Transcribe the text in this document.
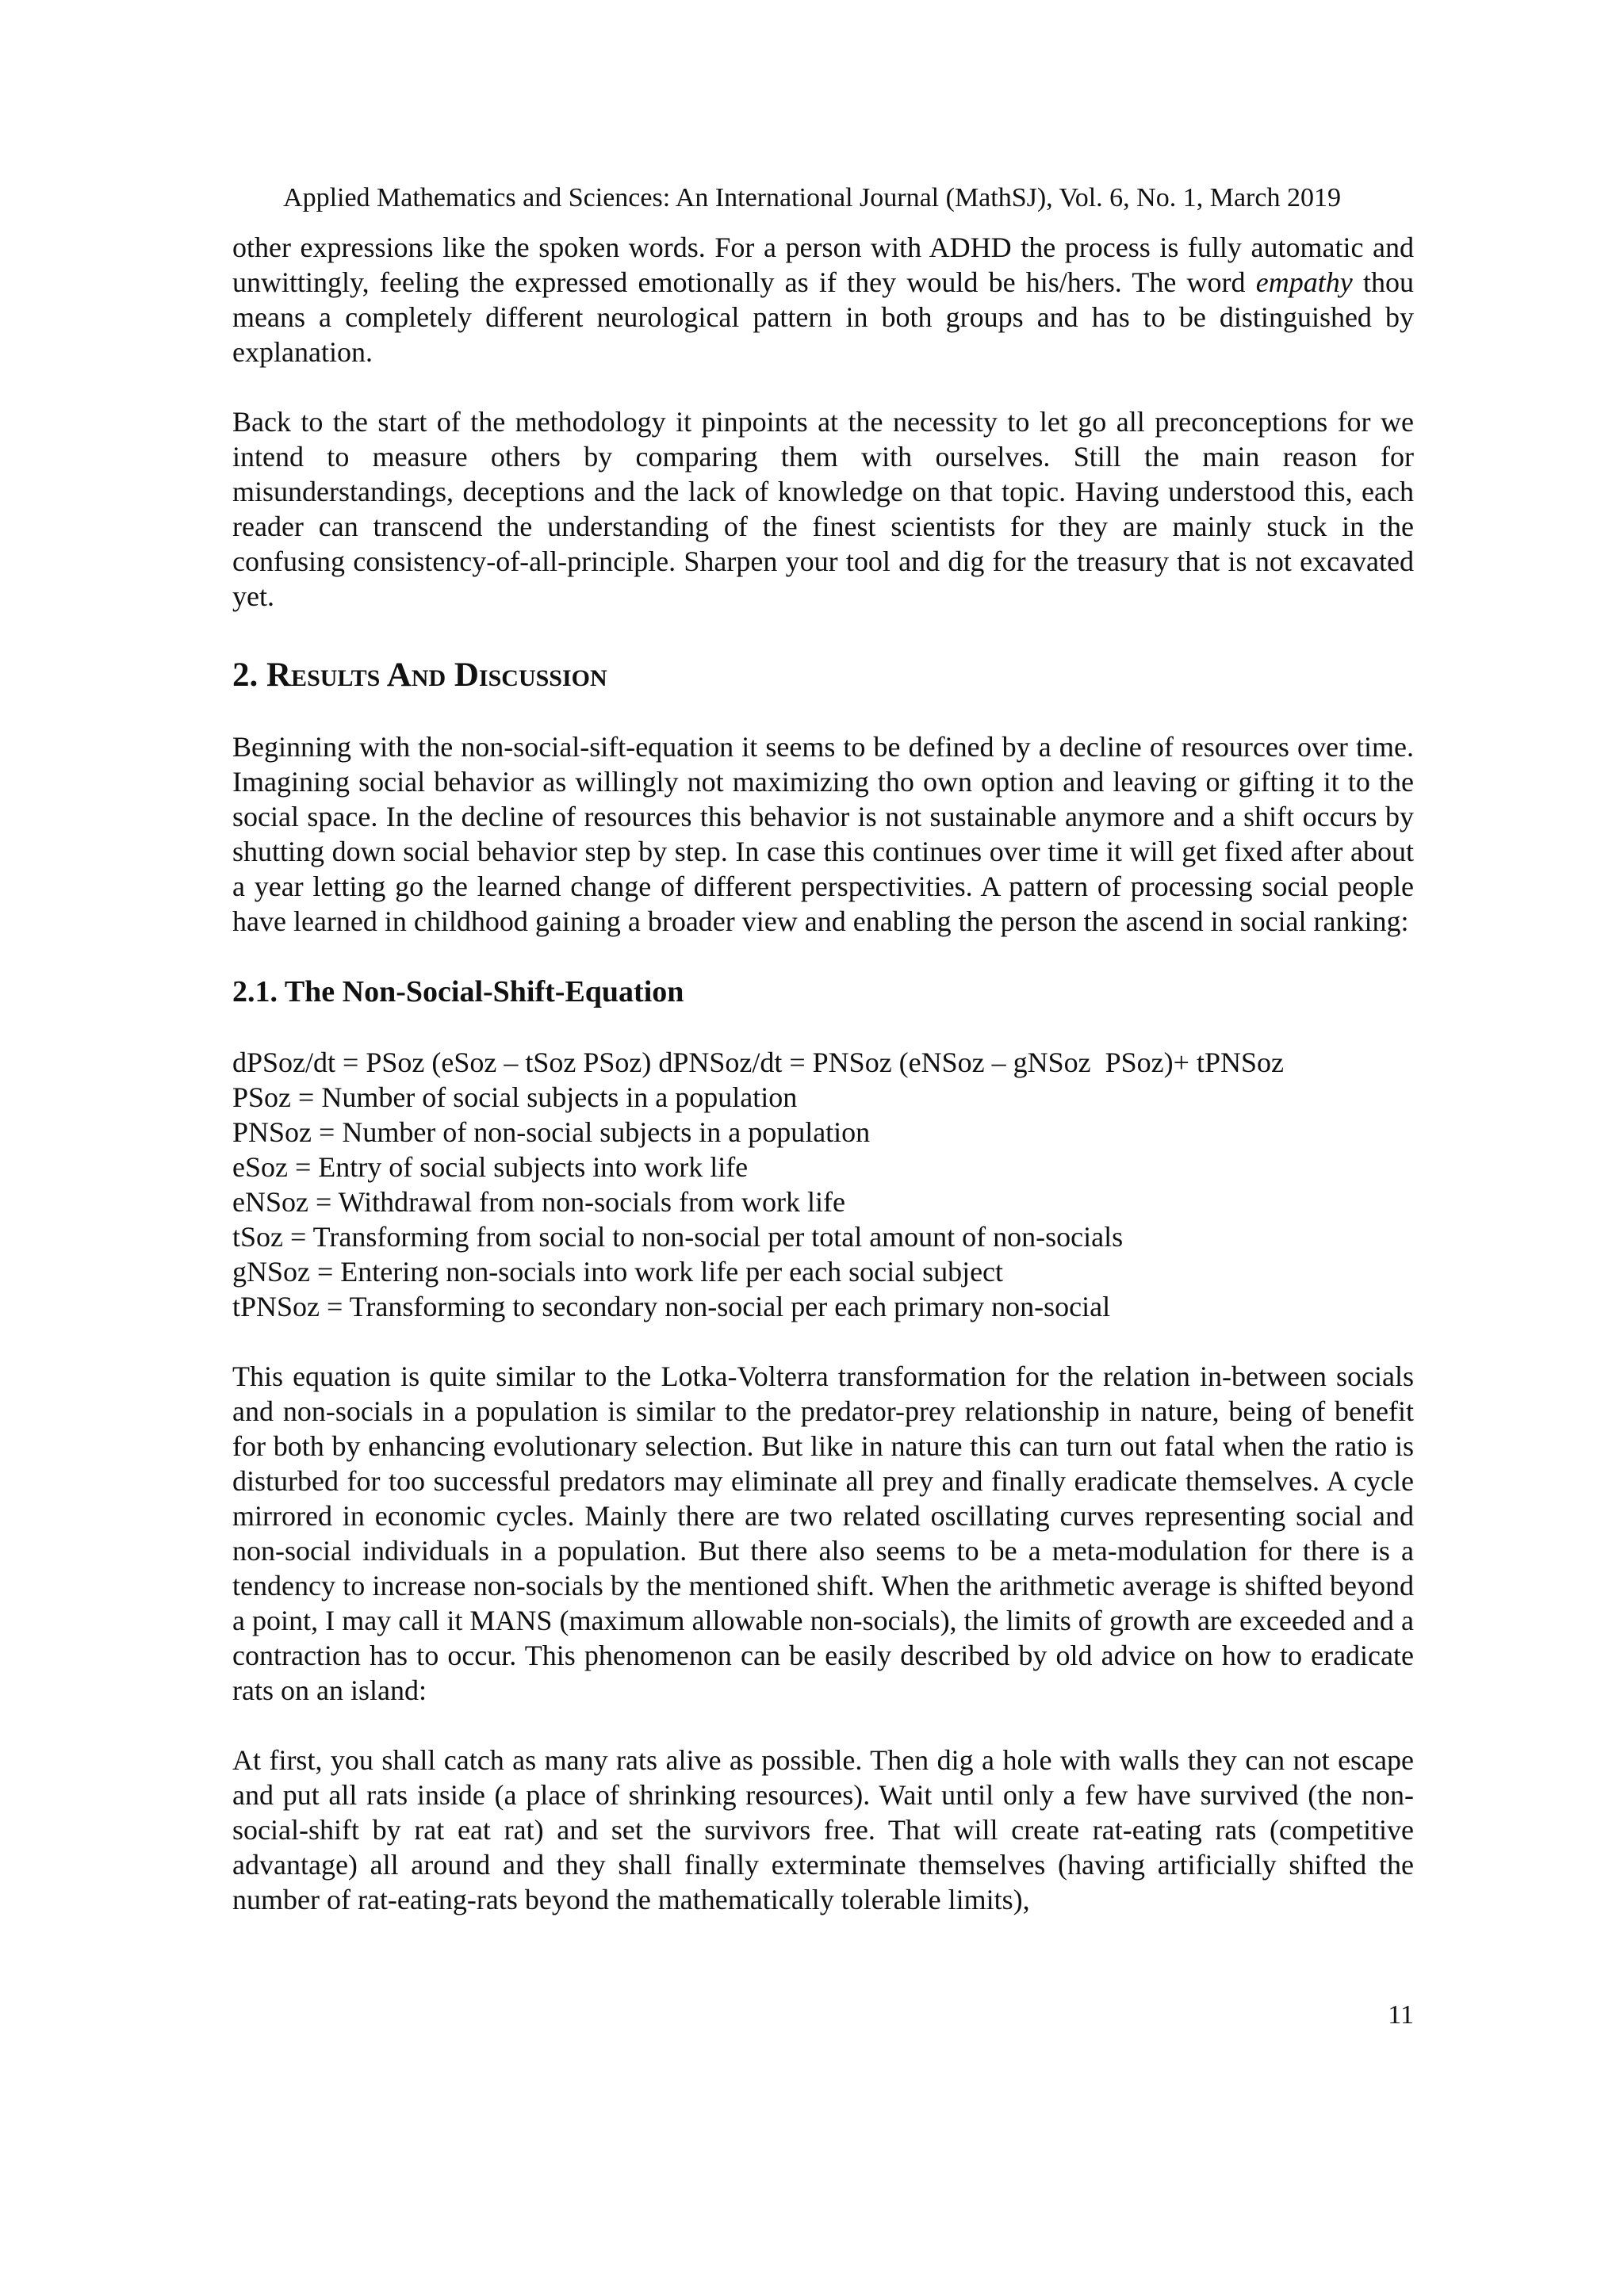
Applied Mathematics and Sciences: An International Journal (MathSJ), Vol. 6, No. 1, March 2019

other expressions like the spoken words. For a person with ADHD the process is fully automatic and unwittingly, feeling the expressed emotionally as if they would be his/hers. The word empathy thou means a completely different neurological pattern in both groups and has to be distinguished by explanation.

Back to the start of the methodology it pinpoints at the necessity to let go all preconceptions for we intend to measure others by comparing them with ourselves. Still the main reason for misunderstandings, deceptions and the lack of knowledge on that topic. Having understood this, each reader can transcend the understanding of the finest scientists for they are mainly stuck in the confusing consistency-of-all-principle. Sharpen your tool and dig for the treasury that is not excavated yet.

2. Results And Discussion

Beginning with the non-social-sift-equation it seems to be defined by a decline of resources over time. Imagining social behavior as willingly not maximizing tho own option and leaving or gifting it to the social space. In the decline of resources this behavior is not sustainable anymore and a shift occurs by shutting down social behavior step by step. In case this continues over time it will get fixed after about a year letting go the learned change of different perspectivities. A pattern of processing social people have learned in childhood gaining a broader view and enabling the person the ascend in social ranking:

2.1. The Non-Social-Shift-Equation
dPSoz/dt = PSoz (eSoz – tSoz PSoz) dPNSoz/dt = PNSoz (eNSoz – gNSoz  PSoz)+ tPNSoz
PSoz = Number of social subjects in a population
PNSoz = Number of non-social subjects in a population
eSoz = Entry of social subjects into work life
eNSoz = Withdrawal from non-socials from work life
tSoz = Transforming from social to non-social per total amount of non-socials
gNSoz = Entering non-socials into work life per each social subject
tPNSoz = Transforming to secondary non-social per each primary non-social

This equation is quite similar to the Lotka-Volterra transformation for the relation in-between socials and non-socials in a population is similar to the predator-prey relationship in nature, being of benefit for both by enhancing evolutionary selection. But like in nature this can turn out fatal when the ratio is disturbed for too successful predators may eliminate all prey and finally eradicate themselves. A cycle mirrored in economic cycles. Mainly there are two related oscillating curves representing social and non-social individuals in a population. But there also seems to be a meta-modulation for there is a tendency to increase non-socials by the mentioned shift. When the arithmetic average is shifted beyond a point, I may call it MANS (maximum allowable non-socials), the limits of growth are exceeded and a contraction has to occur. This phenomenon can be easily described by old advice on how to eradicate rats on an island:

At first, you shall catch as many rats alive as possible. Then dig a hole with walls they can not escape and put all rats inside (a place of shrinking resources). Wait until only a few have survived (the non-social-shift by rat eat rat) and set the survivors free. That will create rat-eating rats (competitive advantage) all around and they shall finally exterminate themselves (having artificially shifted the number of rat-eating-rats beyond the mathematically tolerable limits),

11
